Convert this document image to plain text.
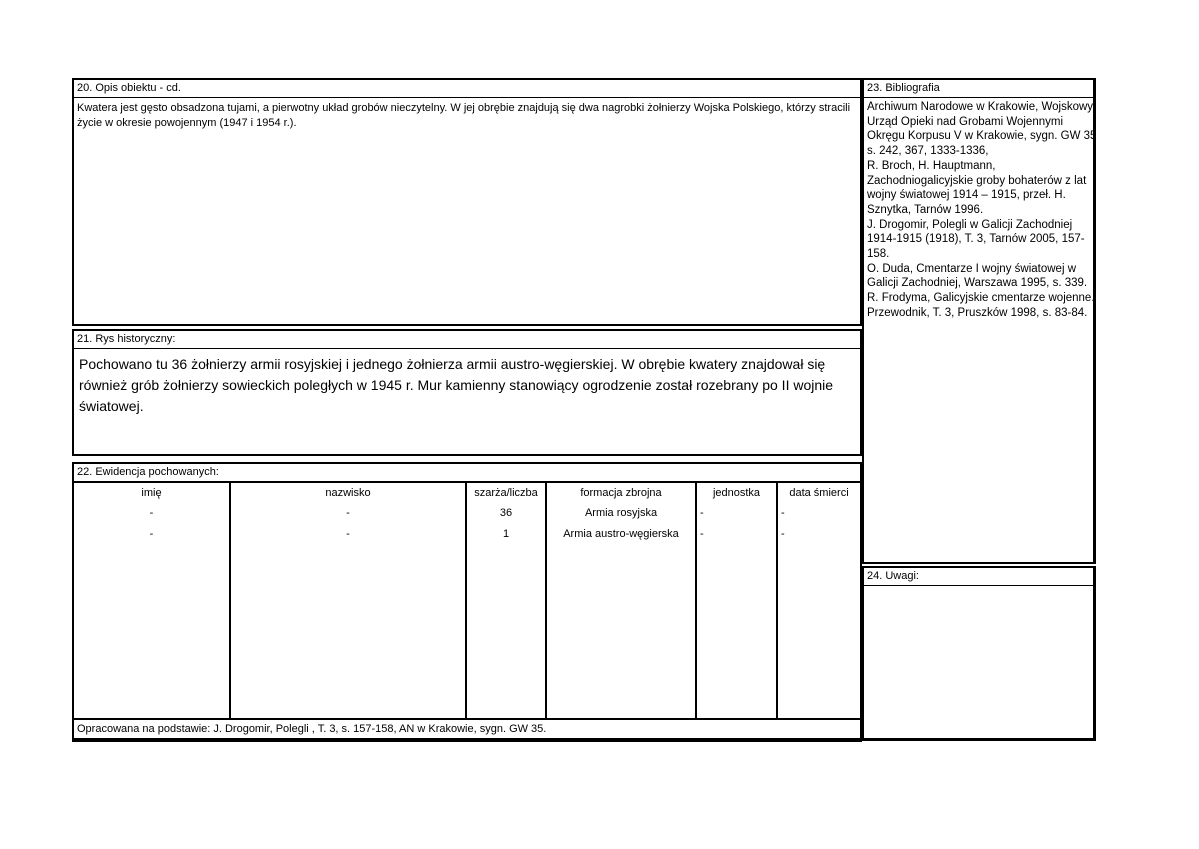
20. Opis obiektu - cd.
Kwatera jest gęsto obsadzona tujami, a pierwotny układ grobów nieczytelny. W jej obrębie znajdują się dwa nagrobki żołnierzy Wojska Polskiego, którzy stracili życie w okresie powojennym (1947 i 1954 r.).
21. Rys historyczny:
Pochowano tu 36 żołnierzy armii rosyjskiej i jednego żołnierza armii austro-węgierskiej. W obrębie kwatery znajdował się również grób żołnierzy sowieckich poległych w 1945 r. Mur kamienny stanowiący ogrodzenie został rozebrany po II wojnie światowej.
22. Ewidencja pochowanych:
imię
-
-
nazwisko
-
-
szarża/liczba
36
1
formacja zbrojna
Armia rosyjska
Armia austro-węgierska
jednostka
-
-
data śmierci
-
-
Opracowana na podstawie: J. Drogomir, Polegli , T. 3, s. 157-158, AN w Krakowie, sygn. GW 35.
23. Bibliografia
Archiwum Narodowe w Krakowie, Wojskowy
Urząd Opieki nad Grobami Wojennymi
Okręgu Korpusu V w Krakowie, sygn. GW 35
s. 242, 367, 1333-1336,
R. Broch, H. Hauptmann,
Zachodniogalicyjskie groby bohaterów z lat
wojny światowej 1914 – 1915, przeł. H.
Sznytka, Tarnów 1996.
J. Drogomir, Polegli w Galicji Zachodniej
1914-1915 (1918), T. 3, Tarnów 2005, 157-
158.
O. Duda, Cmentarze I wojny światowej w
Galicji Zachodniej, Warszawa 1995, s. 339.
R. Frodyma, Galicyjskie cmentarze wojenne.
Przewodnik, T. 3, Pruszków 1998, s. 83-84.
24. Uwagi:
